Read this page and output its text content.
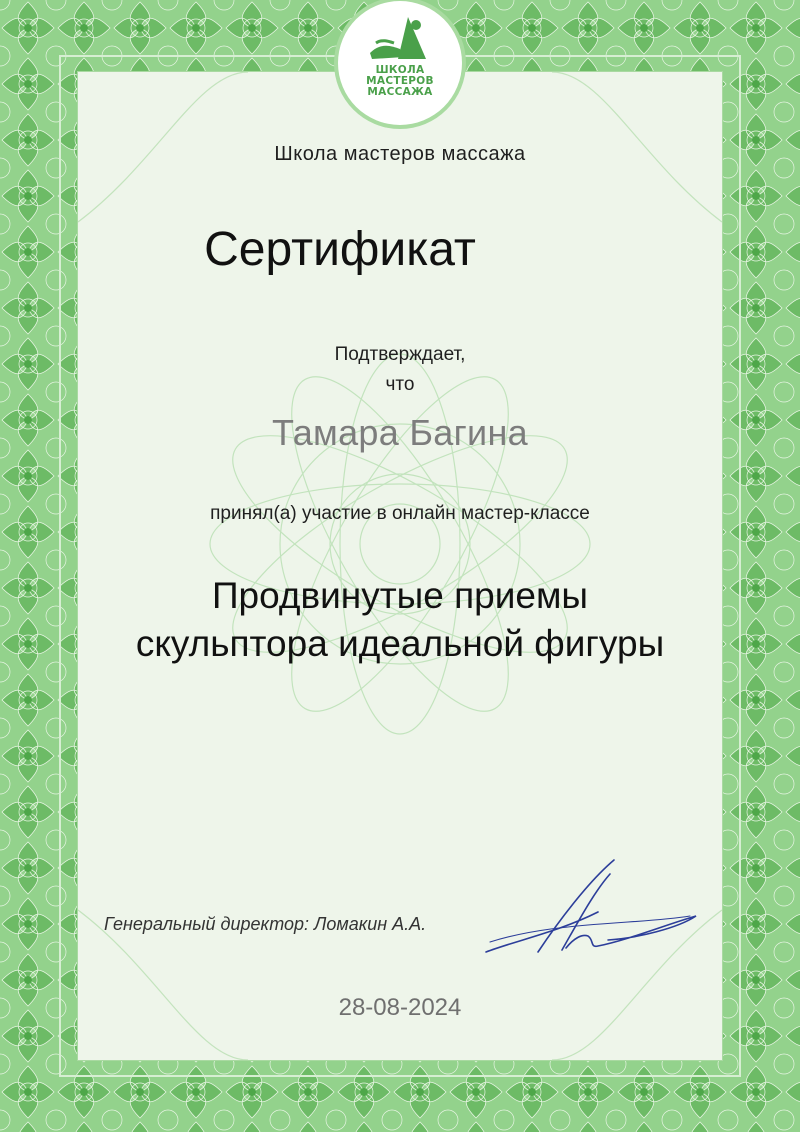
ШКОЛА
МАСТЕРОВ
МАССАЖА
Школа мастеров массажа
Сертификат
Подтверждает,
что
Тамара Багина
принял(а) участие в онлайн мастер-классе
Продвинутые приемы
скульптора идеальной фигуры
Генеральный директор: Ломакин А.А.
28-08-2024
